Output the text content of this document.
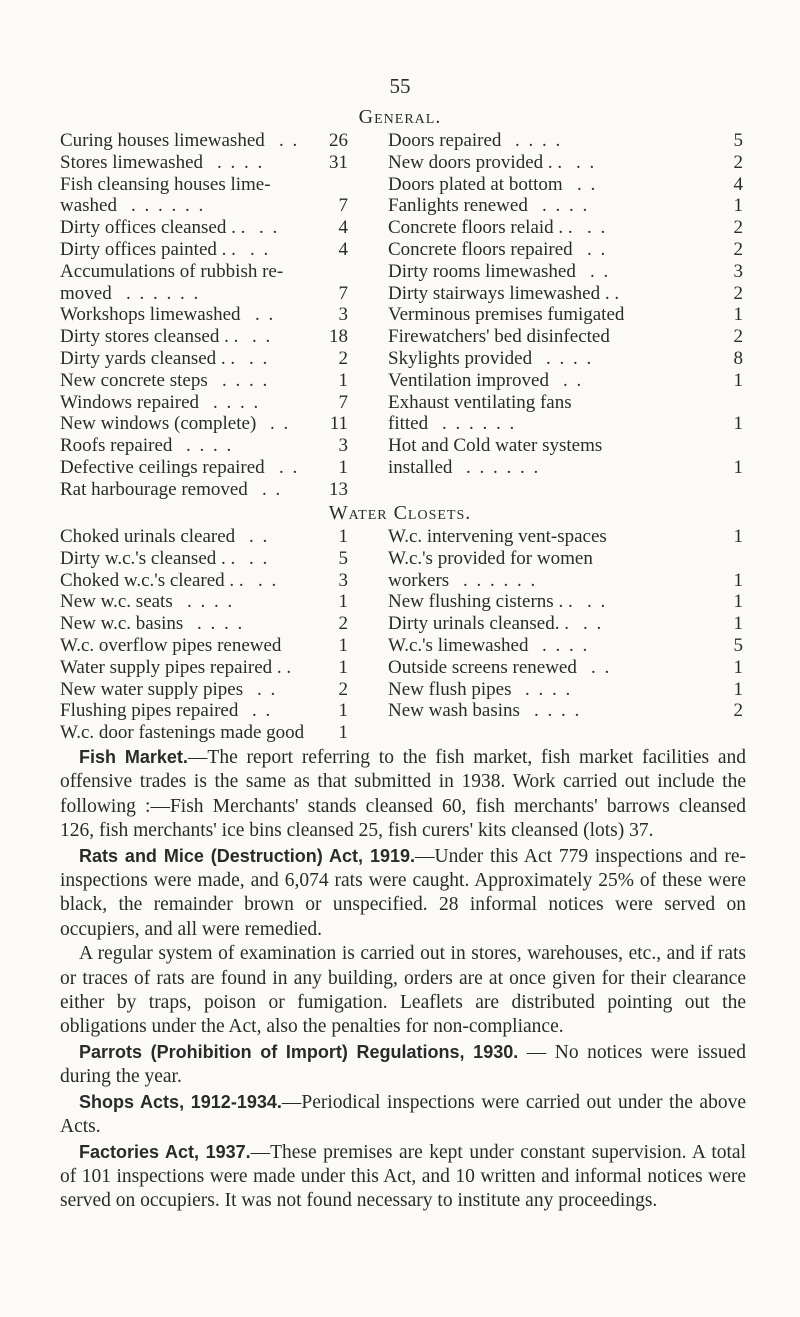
55
General.
Curing houses limewashed . .	26
Stores limewashed . . . .	31
Fish cleansing houses lime-
washed . . . . . .	7
Dirty offices cleansed . . . .	4
Dirty offices painted . . . .	4
Accumulations of rubbish re-
moved . . . . . .	7
Workshops limewashed . .	3
Dirty stores cleansed . . . .	18
Dirty yards cleansed . . . .	2
New concrete steps . . . .	1
Windows repaired . . . .	7
New windows (complete) . .	11
Roofs repaired . . . .	3
Defective ceilings repaired . .	1
Rat harbourage removed . .	13
Doors repaired . . . .	5
New doors provided . . . .	2
Doors plated at bottom . .	4
Fanlights renewed . . . .	1
Concrete floors relaid . . . .	2
Concrete floors repaired . .	2
Dirty rooms limewashed . .	3
Dirty stairways limewashed . .	2
Verminous premises fumigated	1
Firewatchers' bed disinfected	2
Skylights provided . . . .	8
Ventilation improved . .	1
Exhaust ventilating fans
fitted . . . . . .	1
Hot and Cold water systems
installed . . . . . .	1
Water Closets.
Choked urinals cleared . .	1
Dirty w.c.'s cleansed . . . .	5
Choked w.c.'s cleared . . . .	3
New w.c. seats . . . .	1
New w.c. basins . . . .	2
W.c. overflow pipes renewed	1
Water supply pipes repaired . .	1
New water supply pipes . .	2
Flushing pipes repaired . .	1
W.c. door fastenings made good	1
W.c. intervening vent-spaces	1
W.c.'s provided for women
workers . . . . . .	1
New flushing cisterns . . . .	1
Dirty urinals cleansed. . . .	1
W.c.'s limewashed . . . .	5
Outside screens renewed . .	1
New flush pipes . . . .	1
New wash basins . . . .	2

Fish Market.—The report referring to the fish market, fish market facilities and offensive trades is the same as that submitted in 1938. Work carried out include the following :—Fish Merchants' stands cleansed 60, fish merchants' barrows cleansed 126, fish merchants' ice bins cleansed 25, fish curers' kits cleansed (lots) 37.

Rats and Mice (Destruction) Act, 1919.—Under this Act 779 inspections and re-inspections were made, and 6,074 rats were caught. Approximately 25% of these were black, the remainder brown or unspecified. 28 informal notices were served on occupiers, and all were remedied.

A regular system of examination is carried out in stores, warehouses, etc., and if rats or traces of rats are found in any building, orders are at once given for their clearance either by traps, poison or fumigation. Leaflets are distributed pointing out the obligations under the Act, also the penalties for non-compliance.

Parrots (Prohibition of Import) Regulations, 1930. — No notices were issued during the year.

Shops Acts, 1912-1934.—Periodical inspections were carried out under the above Acts.

Factories Act, 1937.—These premises are kept under constant supervision. A total of 101 inspections were made under this Act, and 10 written and informal notices were served on occupiers. It was not found necessary to institute any proceedings.
